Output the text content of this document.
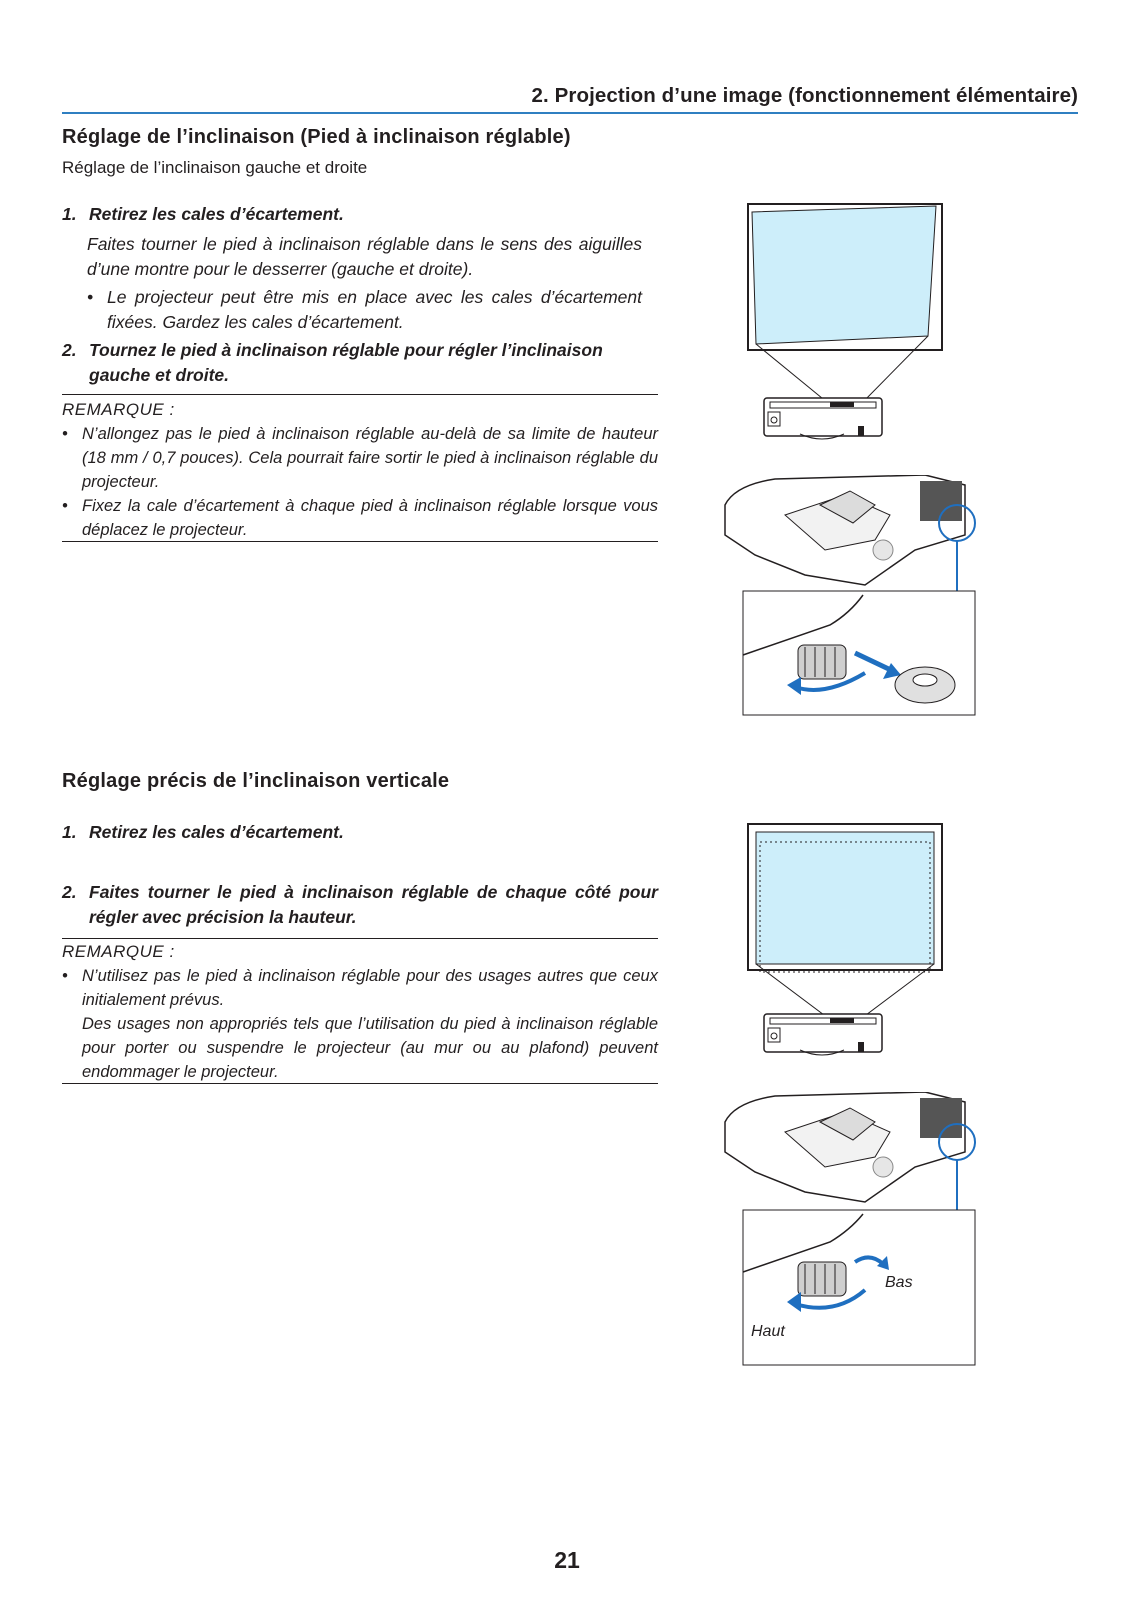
2. Projection d’une image (fonctionnement élémentaire)
Réglage de l’inclinaison (Pied à inclinaison réglable)
Réglage de l’inclinaison gauche et droite
1. Retirez les cales d’écartement.
Faites tourner le pied à inclinaison réglable dans le sens des aiguilles d’une montre pour le desserrer (gauche et droite).
• Le projecteur peut être mis en place avec les cales d’écartement fixées. Gardez les cales d’écartement.
2. Tournez le pied à inclinaison réglable pour régler l’inclinaison gauche et droite.
REMARQUE :
• N’allongez pas le pied à inclinaison réglable au-delà de sa limite de hauteur (18 mm / 0,7 pouces). Cela pourrait faire sortir le pied à inclinaison réglable du projecteur.
• Fixez la cale d’écartement à chaque pied à inclinaison réglable lorsque vous déplacez le projecteur.
Réglage précis de l’inclinaison verticale
1. Retirez les cales d’écartement.
2. Faites tourner le pied à inclinaison réglable de chaque côté pour régler avec précision la hauteur.
REMARQUE :
• N’utilisez pas le pied à inclinaison réglable pour des usages autres que ceux initialement prévus.
Des usages non appropriés tels que l’utilisation du pied à inclinaison réglable pour porter ou suspendre le projecteur (au mur ou au plafond) peuvent endommager le projecteur.
Bas
Haut
21
